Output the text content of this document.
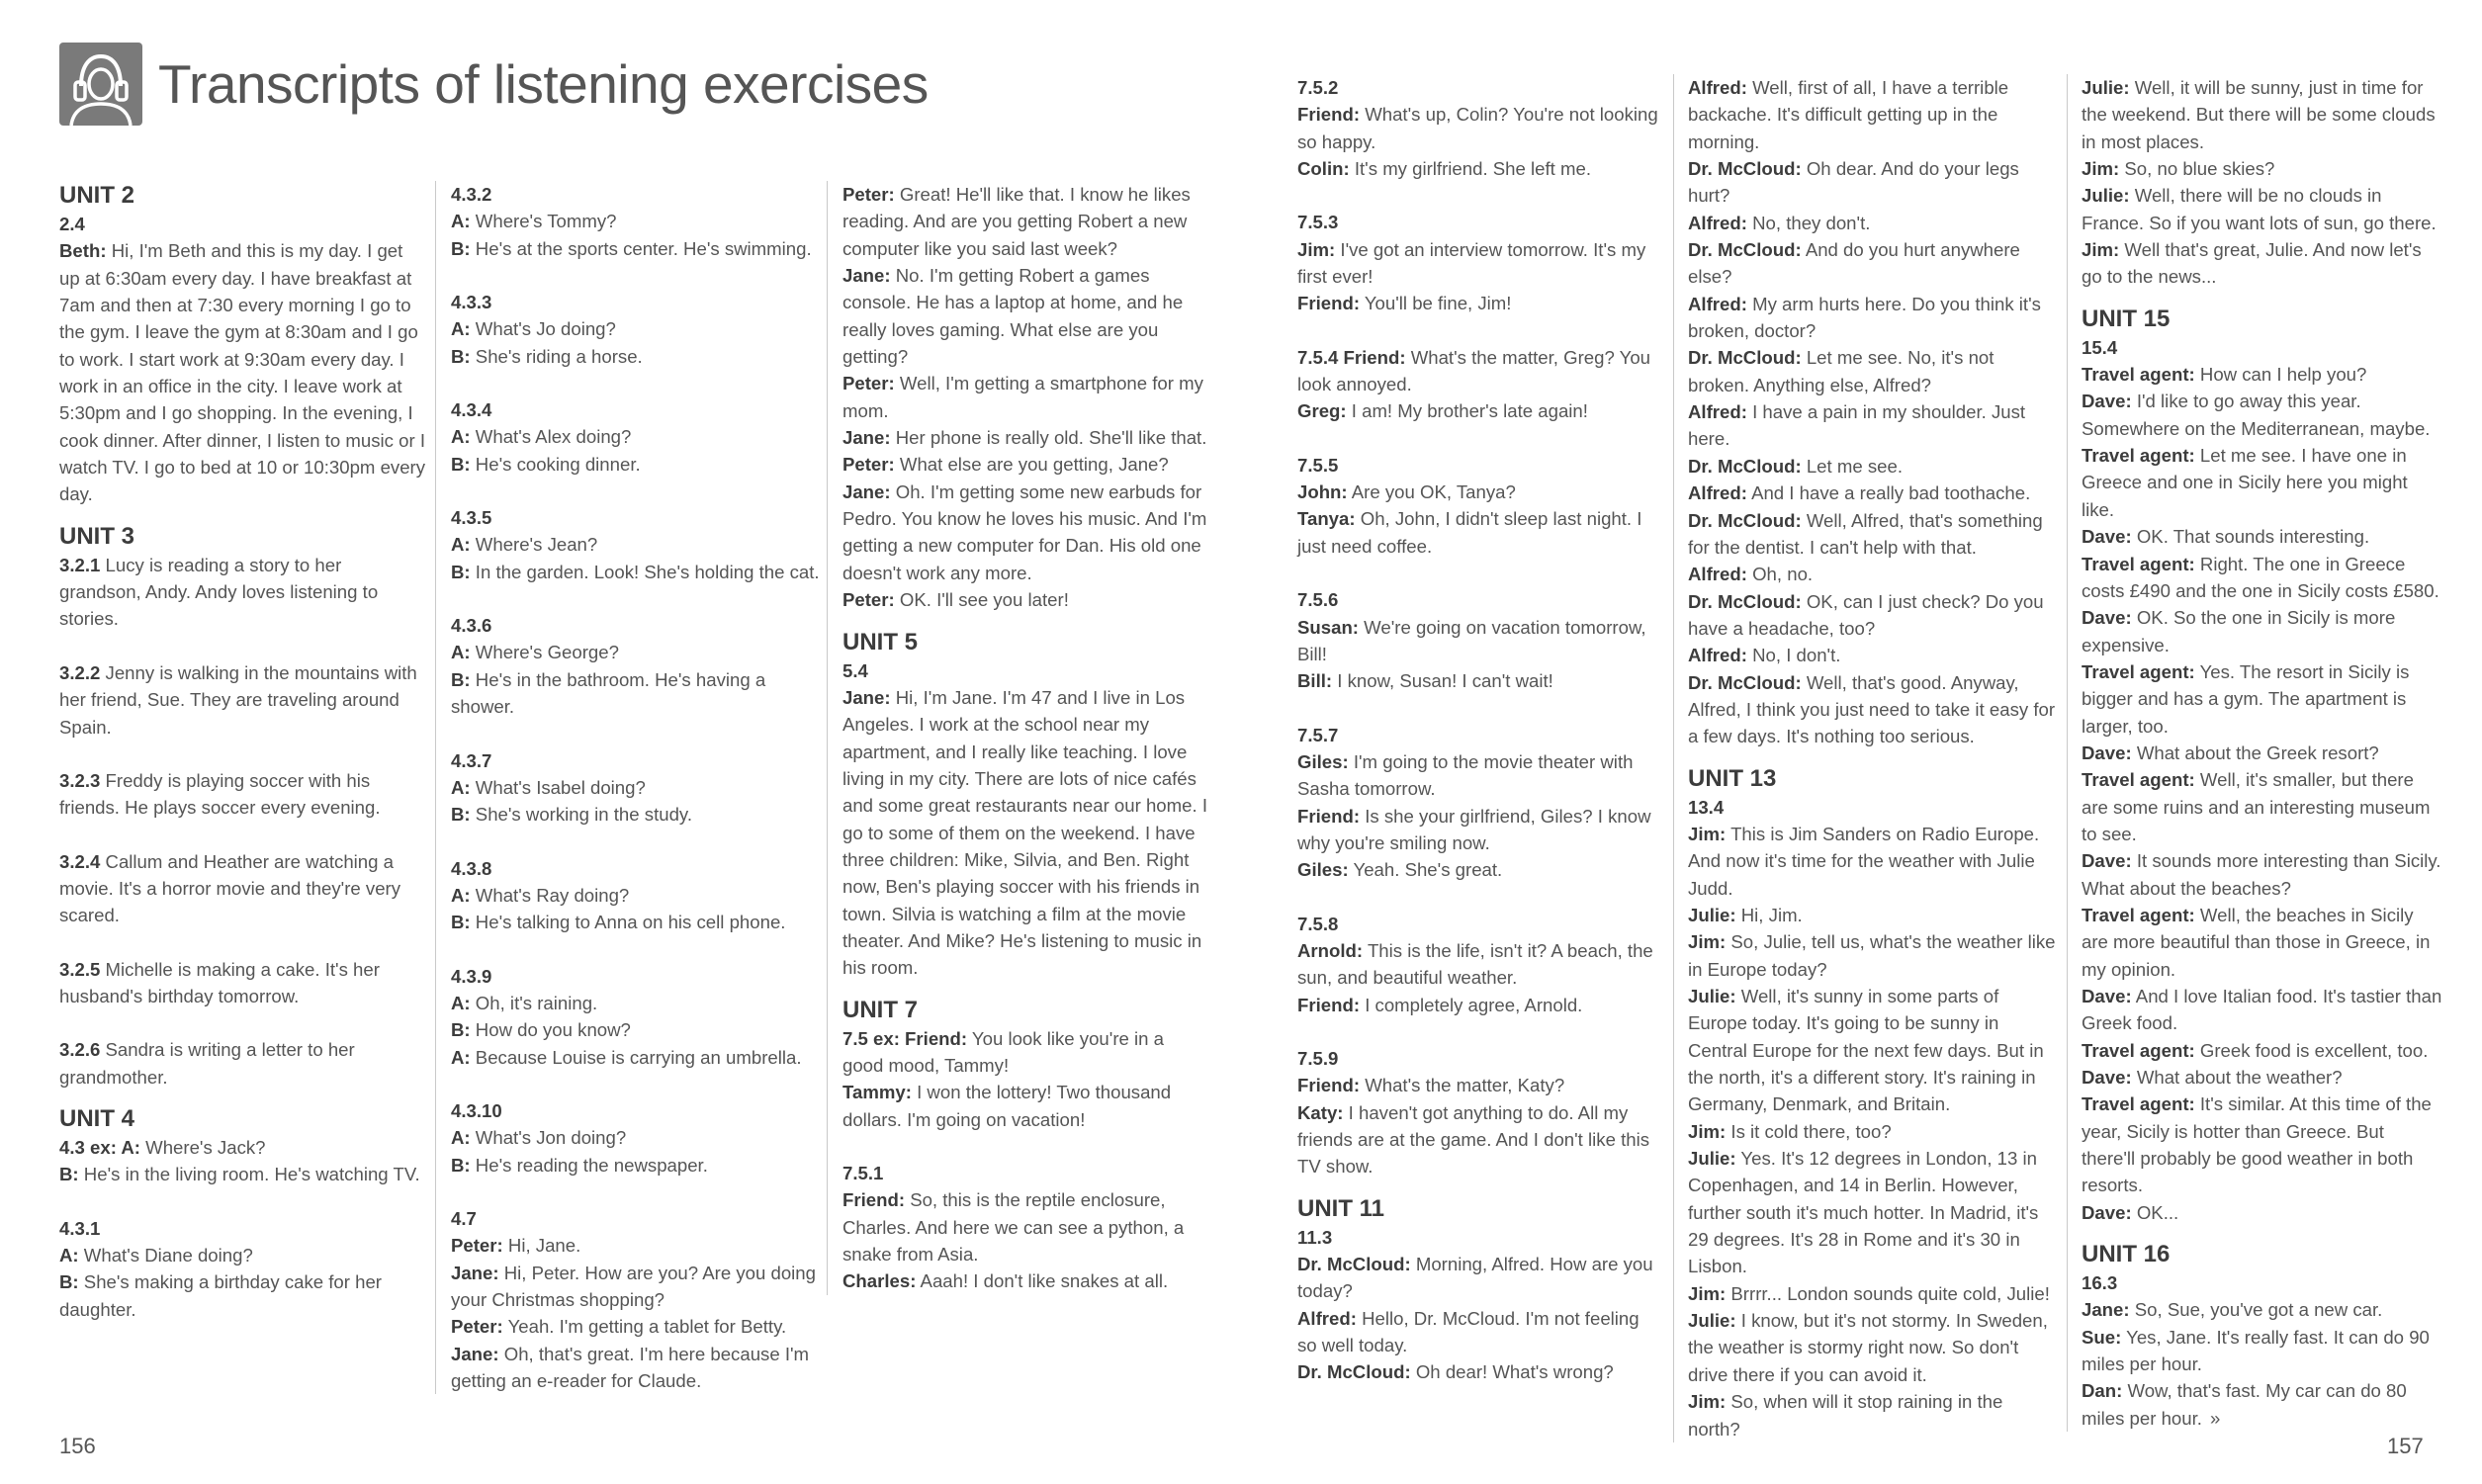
Transcripts of listening exercises

UNIT 2

2.4

Beth: Hi, I'm Beth and this is my day. I get up at 6:30am every day. I have breakfast at 7am and then at 7:30 every morning I go to the gym. I leave the gym at 8:30am and I go to work. I start work at 9:30am every day. I work in an office in the city. I leave work at 5:30pm and I go shopping. In the evening, I cook dinner. After dinner, I listen to music or I watch TV. I go to bed at 10 or 10:30pm every day.

UNIT 3

3.2.1 Lucy is reading a story to her grandson, Andy. Andy loves listening to stories.

3.2.2 Jenny is walking in the mountains with her friend, Sue. They are traveling around Spain.

3.2.3 Freddy is playing soccer with his friends. He plays soccer every evening.

3.2.4 Callum and Heather are watching a movie. It's a horror movie and they're very scared.

3.2.5 Michelle is making a cake. It's her husband's birthday tomorrow.

3.2.6 Sandra is writing a letter to her grandmother.

UNIT 4

4.3 ex: A: Where's Jack?

B: He's in the living room. He's watching TV.

4.3.1

A: What's Diane doing?

B: She's making a birthday cake for her daughter.

4.3.2

A: Where's Tommy?

B: He's at the sports center. He's swimming.

4.3.3

A: What's Jo doing?

B: She's riding a horse.

4.3.4

A: What's Alex doing?

B: He's cooking dinner.

4.3.5

A: Where's Jean?

B: In the garden. Look! She's holding the cat.

4.3.6

A: Where's George?

B: He's in the bathroom. He's having a shower.

4.3.7

A: What's Isabel doing?

B: She's working in the study.

4.3.8

A: What's Ray doing?

B: He's talking to Anna on his cell phone.

4.3.9

A: Oh, it's raining.

B: How do you know?

A: Because Louise is carrying an umbrella.

4.3.10

A: What's Jon doing?

B: He's reading the newspaper.

4.7

Peter: Hi, Jane.

Jane: Hi, Peter. How are you? Are you doing your Christmas shopping?

Peter: Yeah. I'm getting a tablet for Betty.

Jane: Oh, that's great. I'm here because I'm getting an e-reader for Claude.

Peter: Great! He'll like that. I know he likes reading. And are you getting Robert a new computer like you said last week?

Jane: No. I'm getting Robert a games console. He has a laptop at home, and he really loves gaming. What else are you getting?

Peter: Well, I'm getting a smartphone for my mom.

Jane: Her phone is really old. She'll like that.

Peter: What else are you getting, Jane?

Jane: Oh. I'm getting some new earbuds for Pedro. You know he loves his music. And I'm getting a new computer for Dan. His old one doesn't work any more.

Peter: OK. I'll see you later!

UNIT 5

5.4

Jane: Hi, I'm Jane. I'm 47 and I live in Los Angeles. I work at the school near my apartment, and I really like teaching. I love living in my city. There are lots of nice cafés and some great restaurants near our home. I go to some of them on the weekend. I have three children: Mike, Silvia, and Ben. Right now, Ben's playing soccer with his friends in town. Silvia is watching a film at the movie theater. And Mike? He's listening to music in his room.

UNIT 7

7.5 ex: Friend: You look like you're in a good mood, Tammy!

Tammy: I won the lottery! Two thousand dollars. I'm going on vacation!

7.5.1

Friend: So, this is the reptile enclosure, Charles. And here we can see a python, a snake from Asia.

Charles: Aaah! I don't like snakes at all.

7.5.2

Friend: What's up, Colin? You're not looking so happy.

Colin: It's my girlfriend. She left me.

7.5.3

Jim: I've got an interview tomorrow. It's my first ever!

Friend: You'll be fine, Jim!

7.5.4 Friend: What's the matter, Greg? You look annoyed.

Greg: I am! My brother's late again!

7.5.5

John: Are you OK, Tanya?

Tanya: Oh, John, I didn't sleep last night. I just need coffee.

7.5.6

Susan: We're going on vacation tomorrow, Bill!

Bill: I know, Susan! I can't wait!

7.5.7

Giles: I'm going to the movie theater with Sasha tomorrow.

Friend: Is she your girlfriend, Giles? I know why you're smiling now.

Giles: Yeah. She's great.

7.5.8

Arnold: This is the life, isn't it? A beach, the sun, and beautiful weather.

Friend: I completely agree, Arnold.

7.5.9

Friend: What's the matter, Katy?

Katy: I haven't got anything to do. All my friends are at the game. And I don't like this TV show.

UNIT 11

11.3

Dr. McCloud: Morning, Alfred. How are you today?

Alfred: Hello, Dr. McCloud. I'm not feeling so well today.

Dr. McCloud: Oh dear! What's wrong?

Alfred: Well, first of all, I have a terrible backache. It's difficult getting up in the morning.

Dr. McCloud: Oh dear. And do your legs hurt?

Alfred: No, they don't.

Dr. McCloud: And do you hurt anywhere else?

Alfred: My arm hurts here. Do you think it's broken, doctor?

Dr. McCloud: Let me see. No, it's not broken. Anything else, Alfred?

Alfred: I have a pain in my shoulder. Just here.

Dr. McCloud: Let me see.

Alfred: And I have a really bad toothache.

Dr. McCloud: Well, Alfred, that's something for the dentist. I can't help with that.

Alfred: Oh, no.

Dr. McCloud: OK, can I just check? Do you have a headache, too?

Alfred: No, I don't.

Dr. McCloud: Well, that's good. Anyway, Alfred, I think you just need to take it easy for a few days. It's nothing too serious.

UNIT 13

13.4

Jim: This is Jim Sanders on Radio Europe. And now it's time for the weather with Julie Judd.

Julie: Hi, Jim.

Jim: So, Julie, tell us, what's the weather like in Europe today?

Julie: Well, it's sunny in some parts of Europe today. It's going to be sunny in Central Europe for the next few days. But in the north, it's a different story. It's raining in Germany, Denmark, and Britain.

Jim: Is it cold there, too?

Julie: Yes. It's 12 degrees in London, 13 in Copenhagen, and 14 in Berlin. However, further south it's much hotter. In Madrid, it's 29 degrees. It's 28 in Rome and it's 30 in Lisbon.

Jim: Brrrr... London sounds quite cold, Julie!

Julie: I know, but it's not stormy. In Sweden, the weather is stormy right now. So don't drive there if you can avoid it.

Jim: So, when will it stop raining in the north?

Julie: Well, it will be sunny, just in time for the weekend. But there will be some clouds in most places.

Jim: So, no blue skies?

Julie: Well, there will be no clouds in France. So if you want lots of sun, go there.

Jim: Well that's great, Julie. And now let's go to the news...

UNIT 15

15.4

Travel agent: How can I help you?

Dave: I'd like to go away this year. Somewhere on the Mediterranean, maybe.

Travel agent: Let me see. I have one in Greece and one in Sicily here you might like.

Dave: OK. That sounds interesting.

Travel agent: Right. The one in Greece costs £490 and the one in Sicily costs £580.

Dave: OK. So the one in Sicily is more expensive.

Travel agent: Yes. The resort in Sicily is bigger and has a gym. The apartment is larger, too.

Dave: What about the Greek resort?

Travel agent: Well, it's smaller, but there are some ruins and an interesting museum to see.

Dave: It sounds more interesting than Sicily. What about the beaches?

Travel agent: Well, the beaches in Sicily are more beautiful than those in Greece, in my opinion.

Dave: And I love Italian food. It's tastier than Greek food.

Travel agent: Greek food is excellent, too.

Dave: What about the weather?

Travel agent: It's similar. At this time of the year, Sicily is hotter than Greece. But there'll probably be good weather in both resorts.

Dave: OK...

UNIT 16

16.3

Jane: So, Sue, you've got a new car.

Sue: Yes, Jane. It's really fast. It can do 90 miles per hour.

Dan: Wow, that's fast. My car can do 80 miles per hour. »

156	157
